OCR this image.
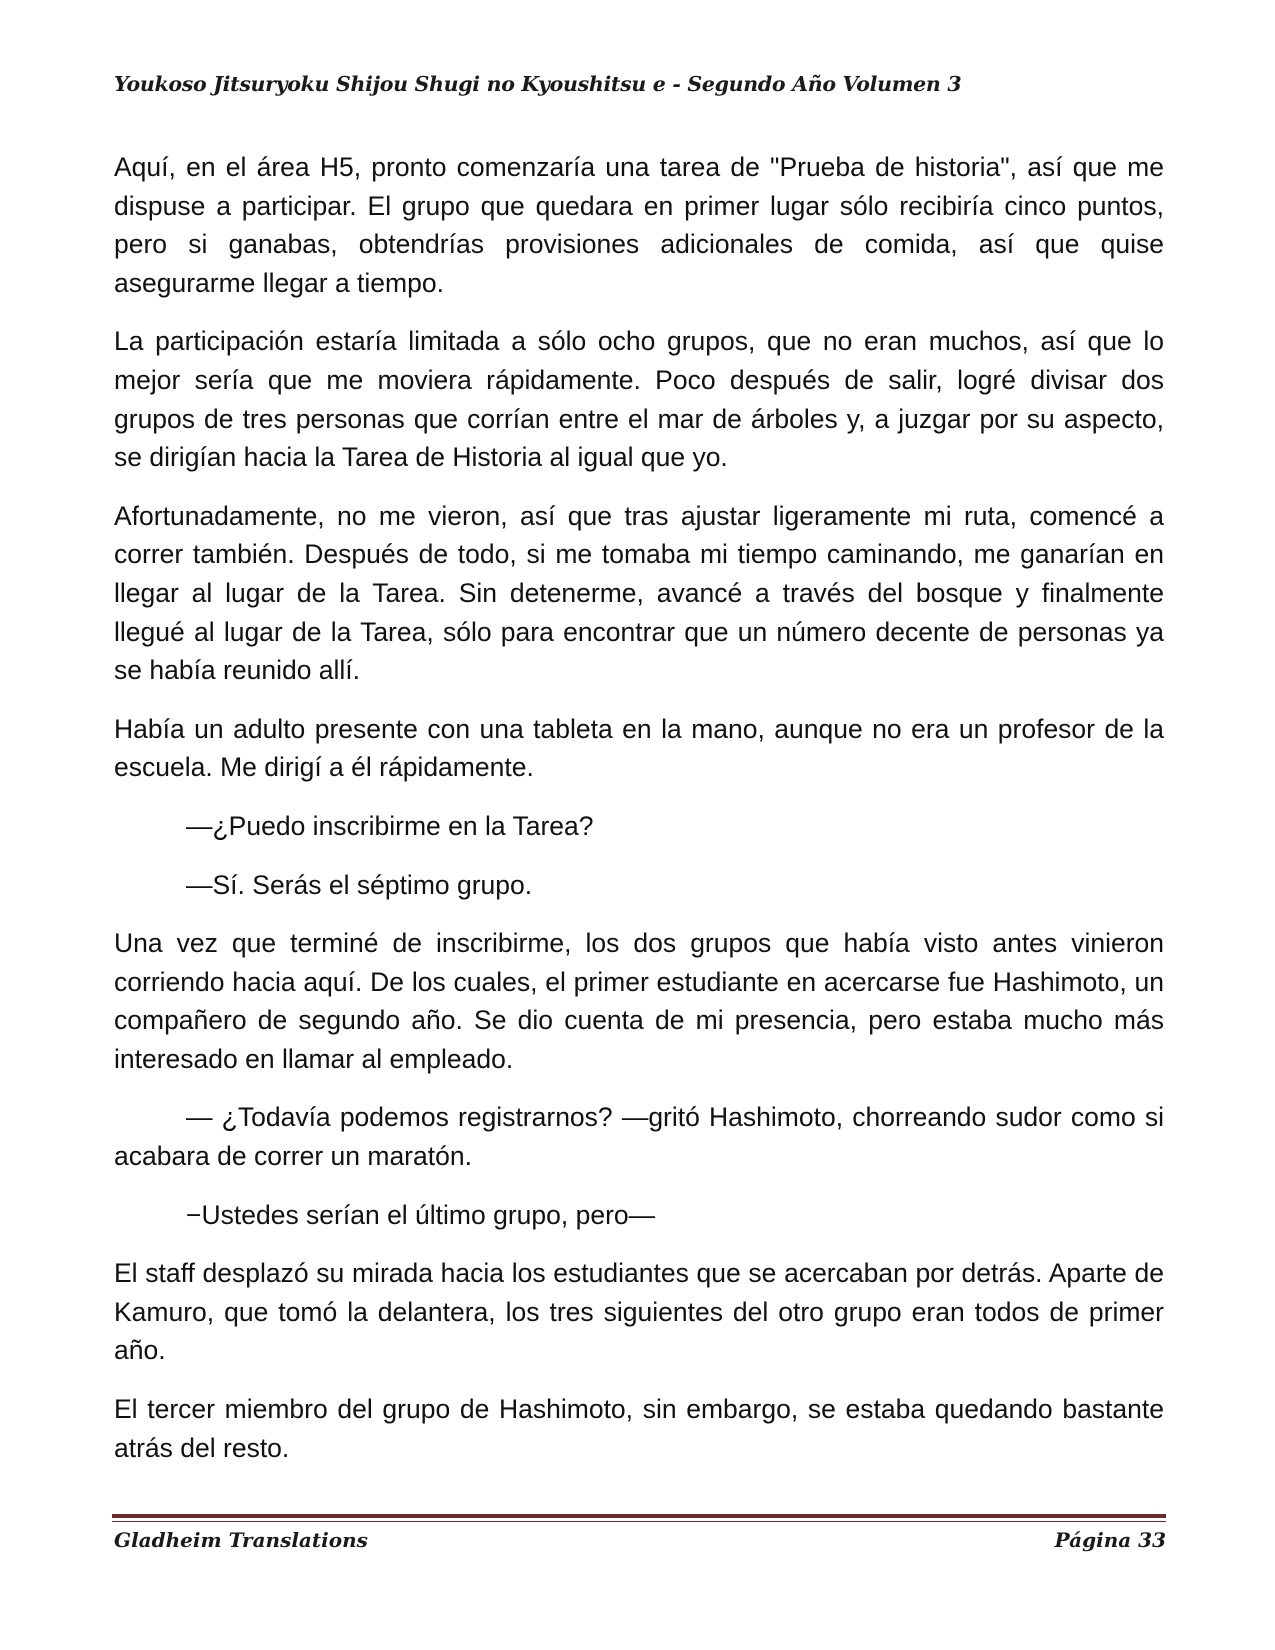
Youkoso Jitsuryoku Shijou Shugi no Kyoushitsu e - Segundo Año Volumen 3

Aquí, en el área H5, pronto comenzaría una tarea de "Prueba de historia", así que me dispuse a participar. El grupo que quedara en primer lugar sólo recibiría cinco puntos, pero si ganabas, obtendrías provisiones adicionales de comida, así que quise asegurarme llegar a tiempo.

La participación estaría limitada a sólo ocho grupos, que no eran muchos, así que lo mejor sería que me moviera rápidamente. Poco después de salir, logré divisar dos grupos de tres personas que corrían entre el mar de árboles y, a juzgar por su aspecto, se dirigían hacia la Tarea de Historia al igual que yo.

Afortunadamente, no me vieron, así que tras ajustar ligeramente mi ruta, comencé a correr también. Después de todo, si me tomaba mi tiempo caminando, me ganarían en llegar al lugar de la Tarea. Sin detenerme, avancé a través del bosque y finalmente llegué al lugar de la Tarea, sólo para encontrar que un número decente de personas ya se había reunido allí.

Había un adulto presente con una tableta en la mano, aunque no era un profesor de la escuela. Me dirigí a él rápidamente.

—¿Puedo inscribirme en la Tarea?

—Sí. Serás el séptimo grupo.

Una vez que terminé de inscribirme, los dos grupos que había visto antes vinieron corriendo hacia aquí. De los cuales, el primer estudiante en acercarse fue Hashimoto, un compañero de segundo año. Se dio cuenta de mi presencia, pero estaba mucho más interesado en llamar al empleado.

— ¿Todavía podemos registrarnos? —gritó Hashimoto, chorreando sudor como si acabara de correr un maratón.

−Ustedes serían el último grupo, pero—

El staff desplazó su mirada hacia los estudiantes que se acercaban por detrás. Aparte de Kamuro, que tomó la delantera, los tres siguientes del otro grupo eran todos de primer año.

El tercer miembro del grupo de Hashimoto, sin embargo, se estaba quedando bastante atrás del resto.

Gladheim Translations	Página 33
